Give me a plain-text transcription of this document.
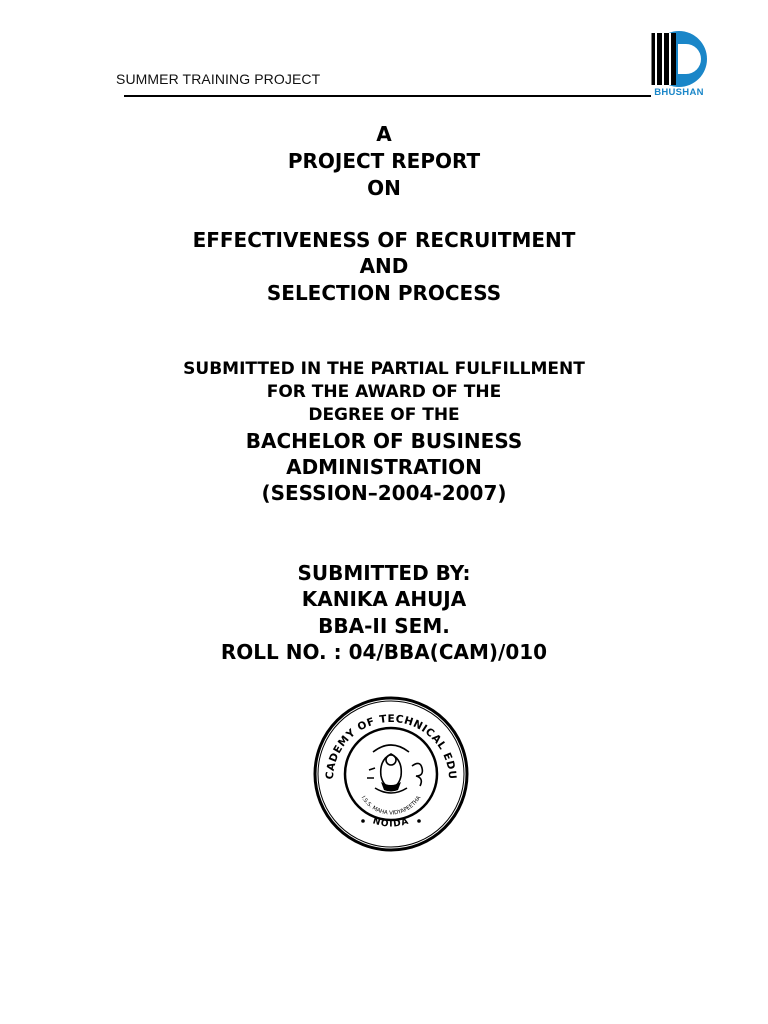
SUMMER TRAINING PROJECT
BHUSHAN
A
PROJECT REPORT
ON
EFFECTIVENESS OF RECRUITMENT
AND
SELECTION PROCESS
SUBMITTED IN THE PARTIAL FULFILLMENT
FOR THE AWARD OF THE
DEGREE OF THE
BACHELOR OF BUSINESS
ADMINISTRATION
(SESSION–2004-2007)
SUBMITTED BY:
KANIKA AHUJA
BBA-II SEM.
ROLL NO. : 04/BBA(CAM)/010
CADEMY OF TECHNICAL EDU
NOIDA
I.S.S. MAHA VIDYAPEETHA
